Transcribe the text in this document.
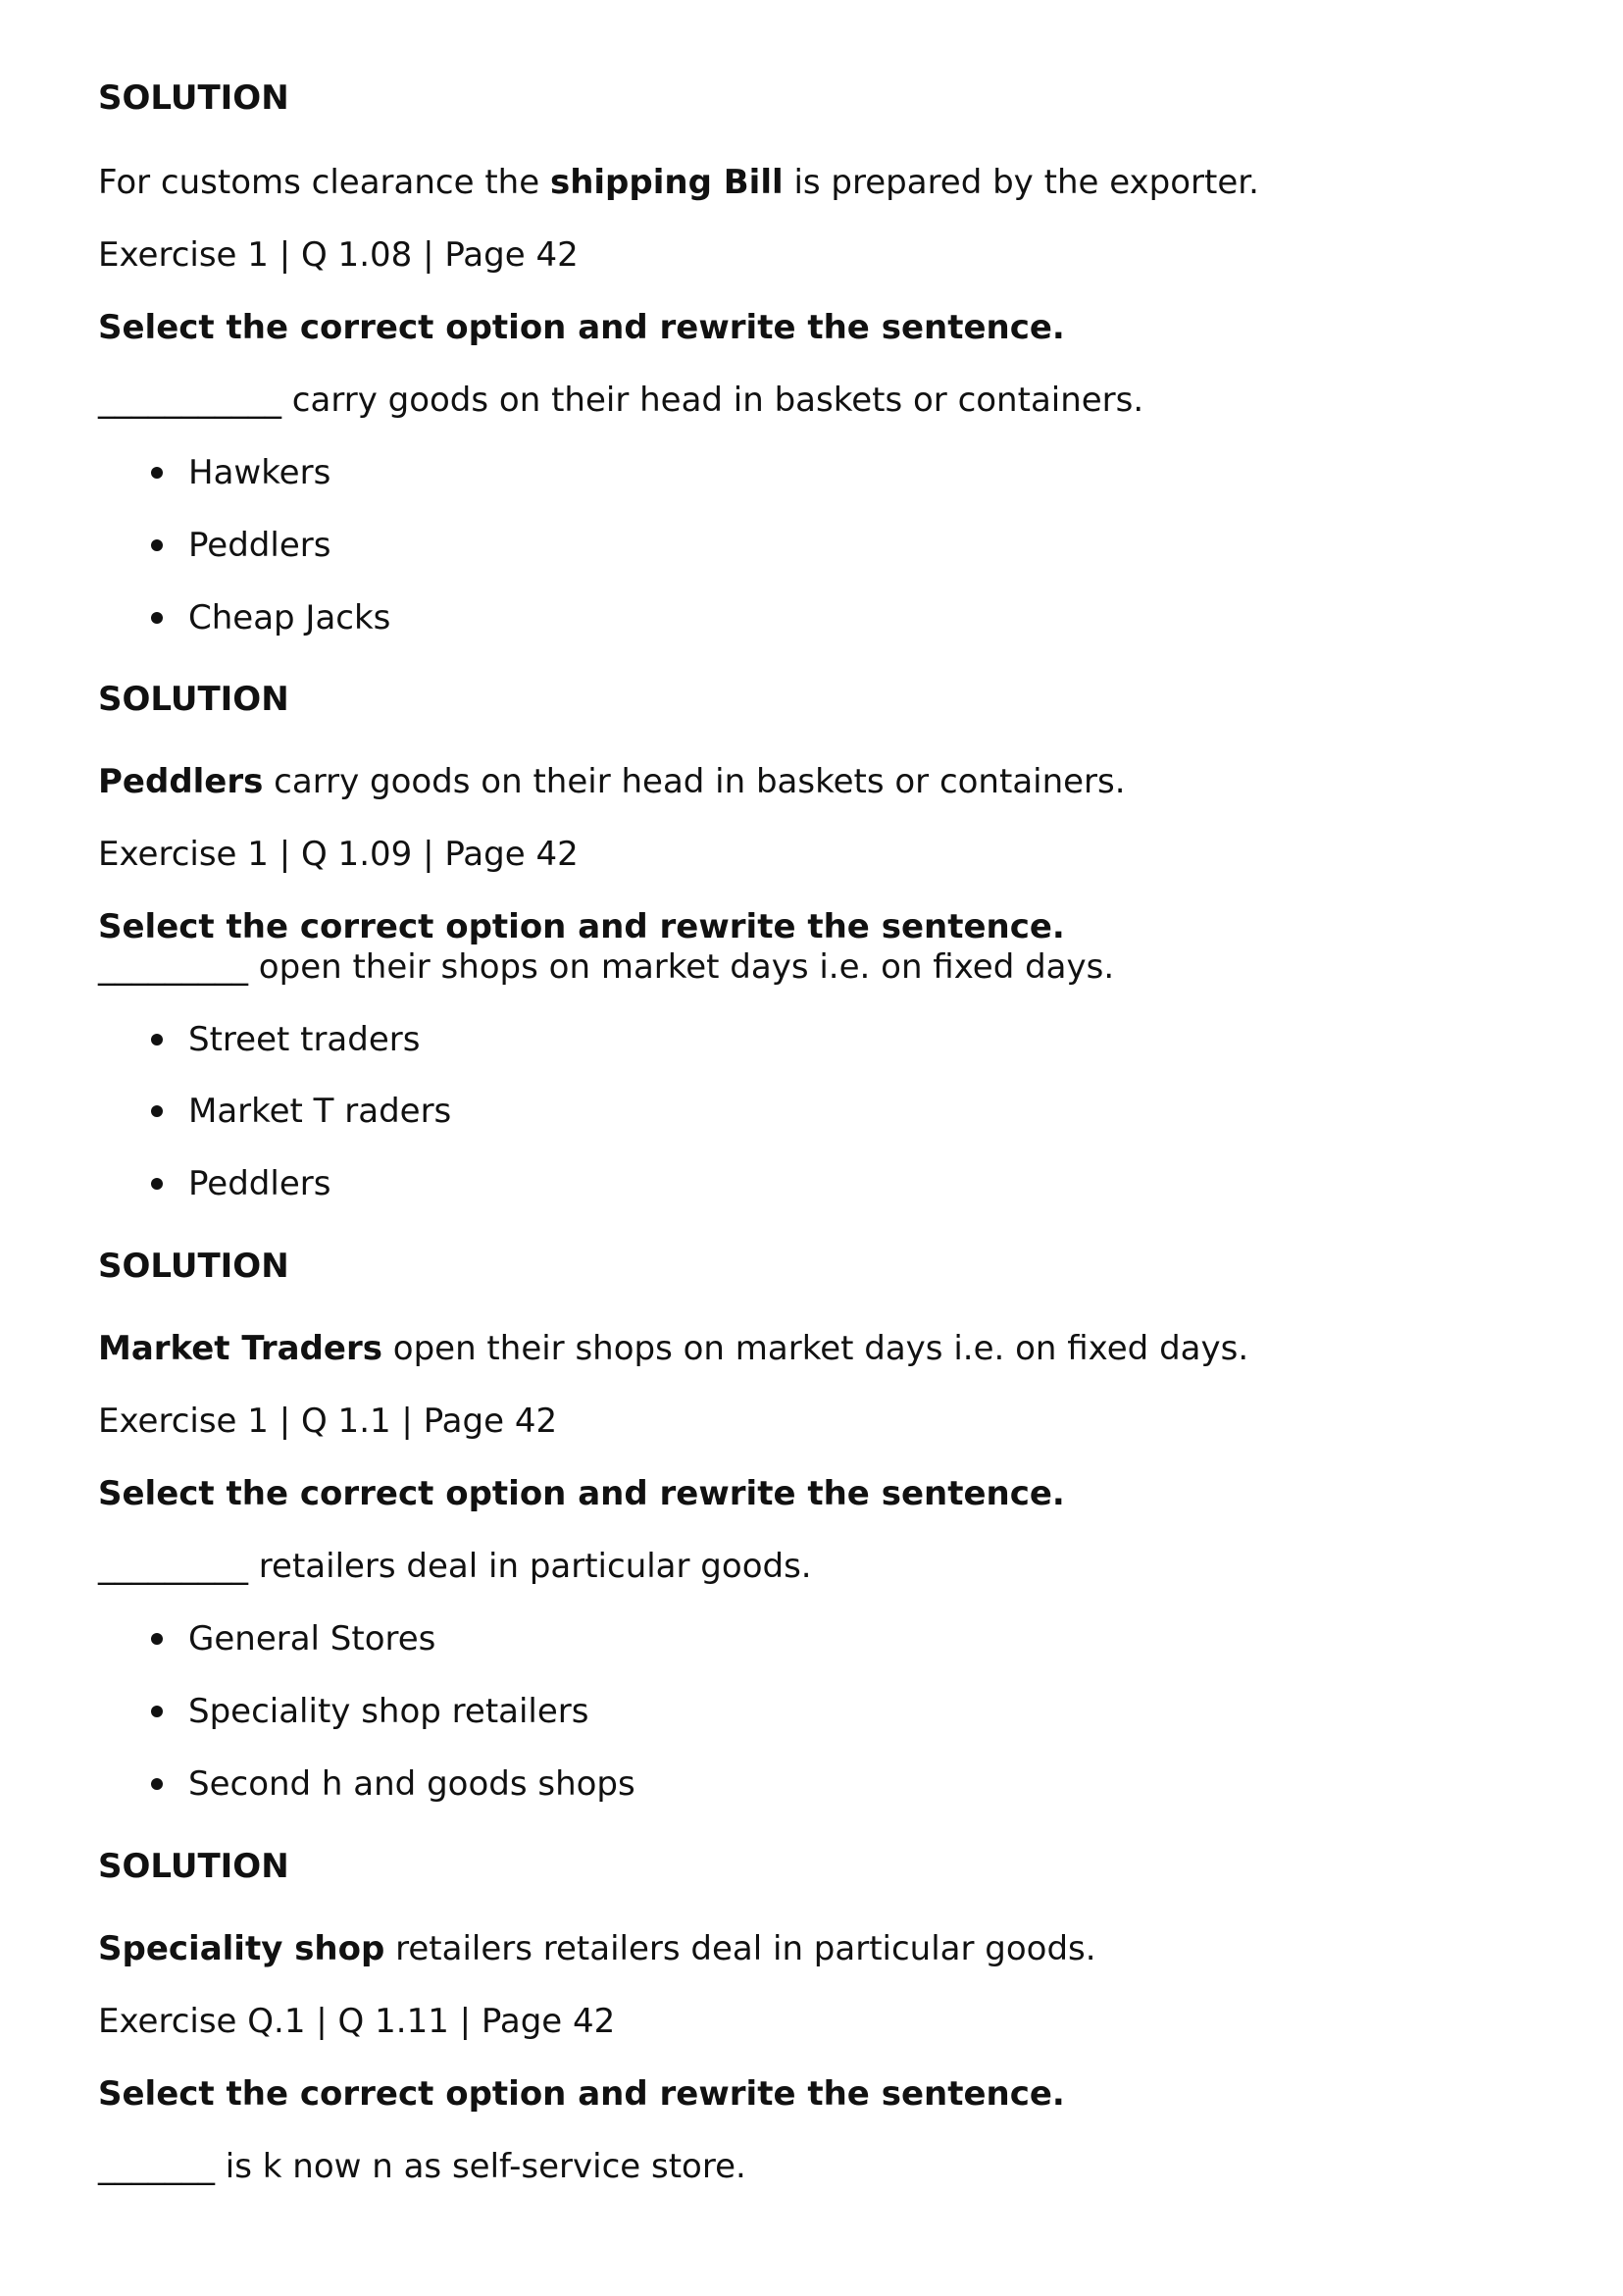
SOLUTION
For customs clearance the shipping Bill is prepared by the exporter.
Exercise 1 | Q 1.08 | Page 42
Select the correct option and rewrite the sentence.
___________ carry goods on their head in baskets or containers.
Hawkers
Peddlers
Cheap Jacks
SOLUTION
Peddlers carry goods on their head in baskets or containers.
Exercise 1 | Q 1.09 | Page 42
Select the correct option and rewrite the sentence.
_________ open their shops on market days i.e. on fixed days.
Street traders
Market T raders
Peddlers
SOLUTION
Market Traders open their shops on market days i.e. on fixed days.
Exercise 1 | Q 1.1 | Page 42
Select the correct option and rewrite the sentence.
_________ retailers deal in particular goods.
General Stores
Speciality shop retailers
Second h and goods shops
SOLUTION
Speciality shop retailers retailers deal in particular goods.
Exercise Q.1 | Q 1.11 | Page 42
Select the correct option and rewrite the sentence.
_______ is k now n as self-service store.
